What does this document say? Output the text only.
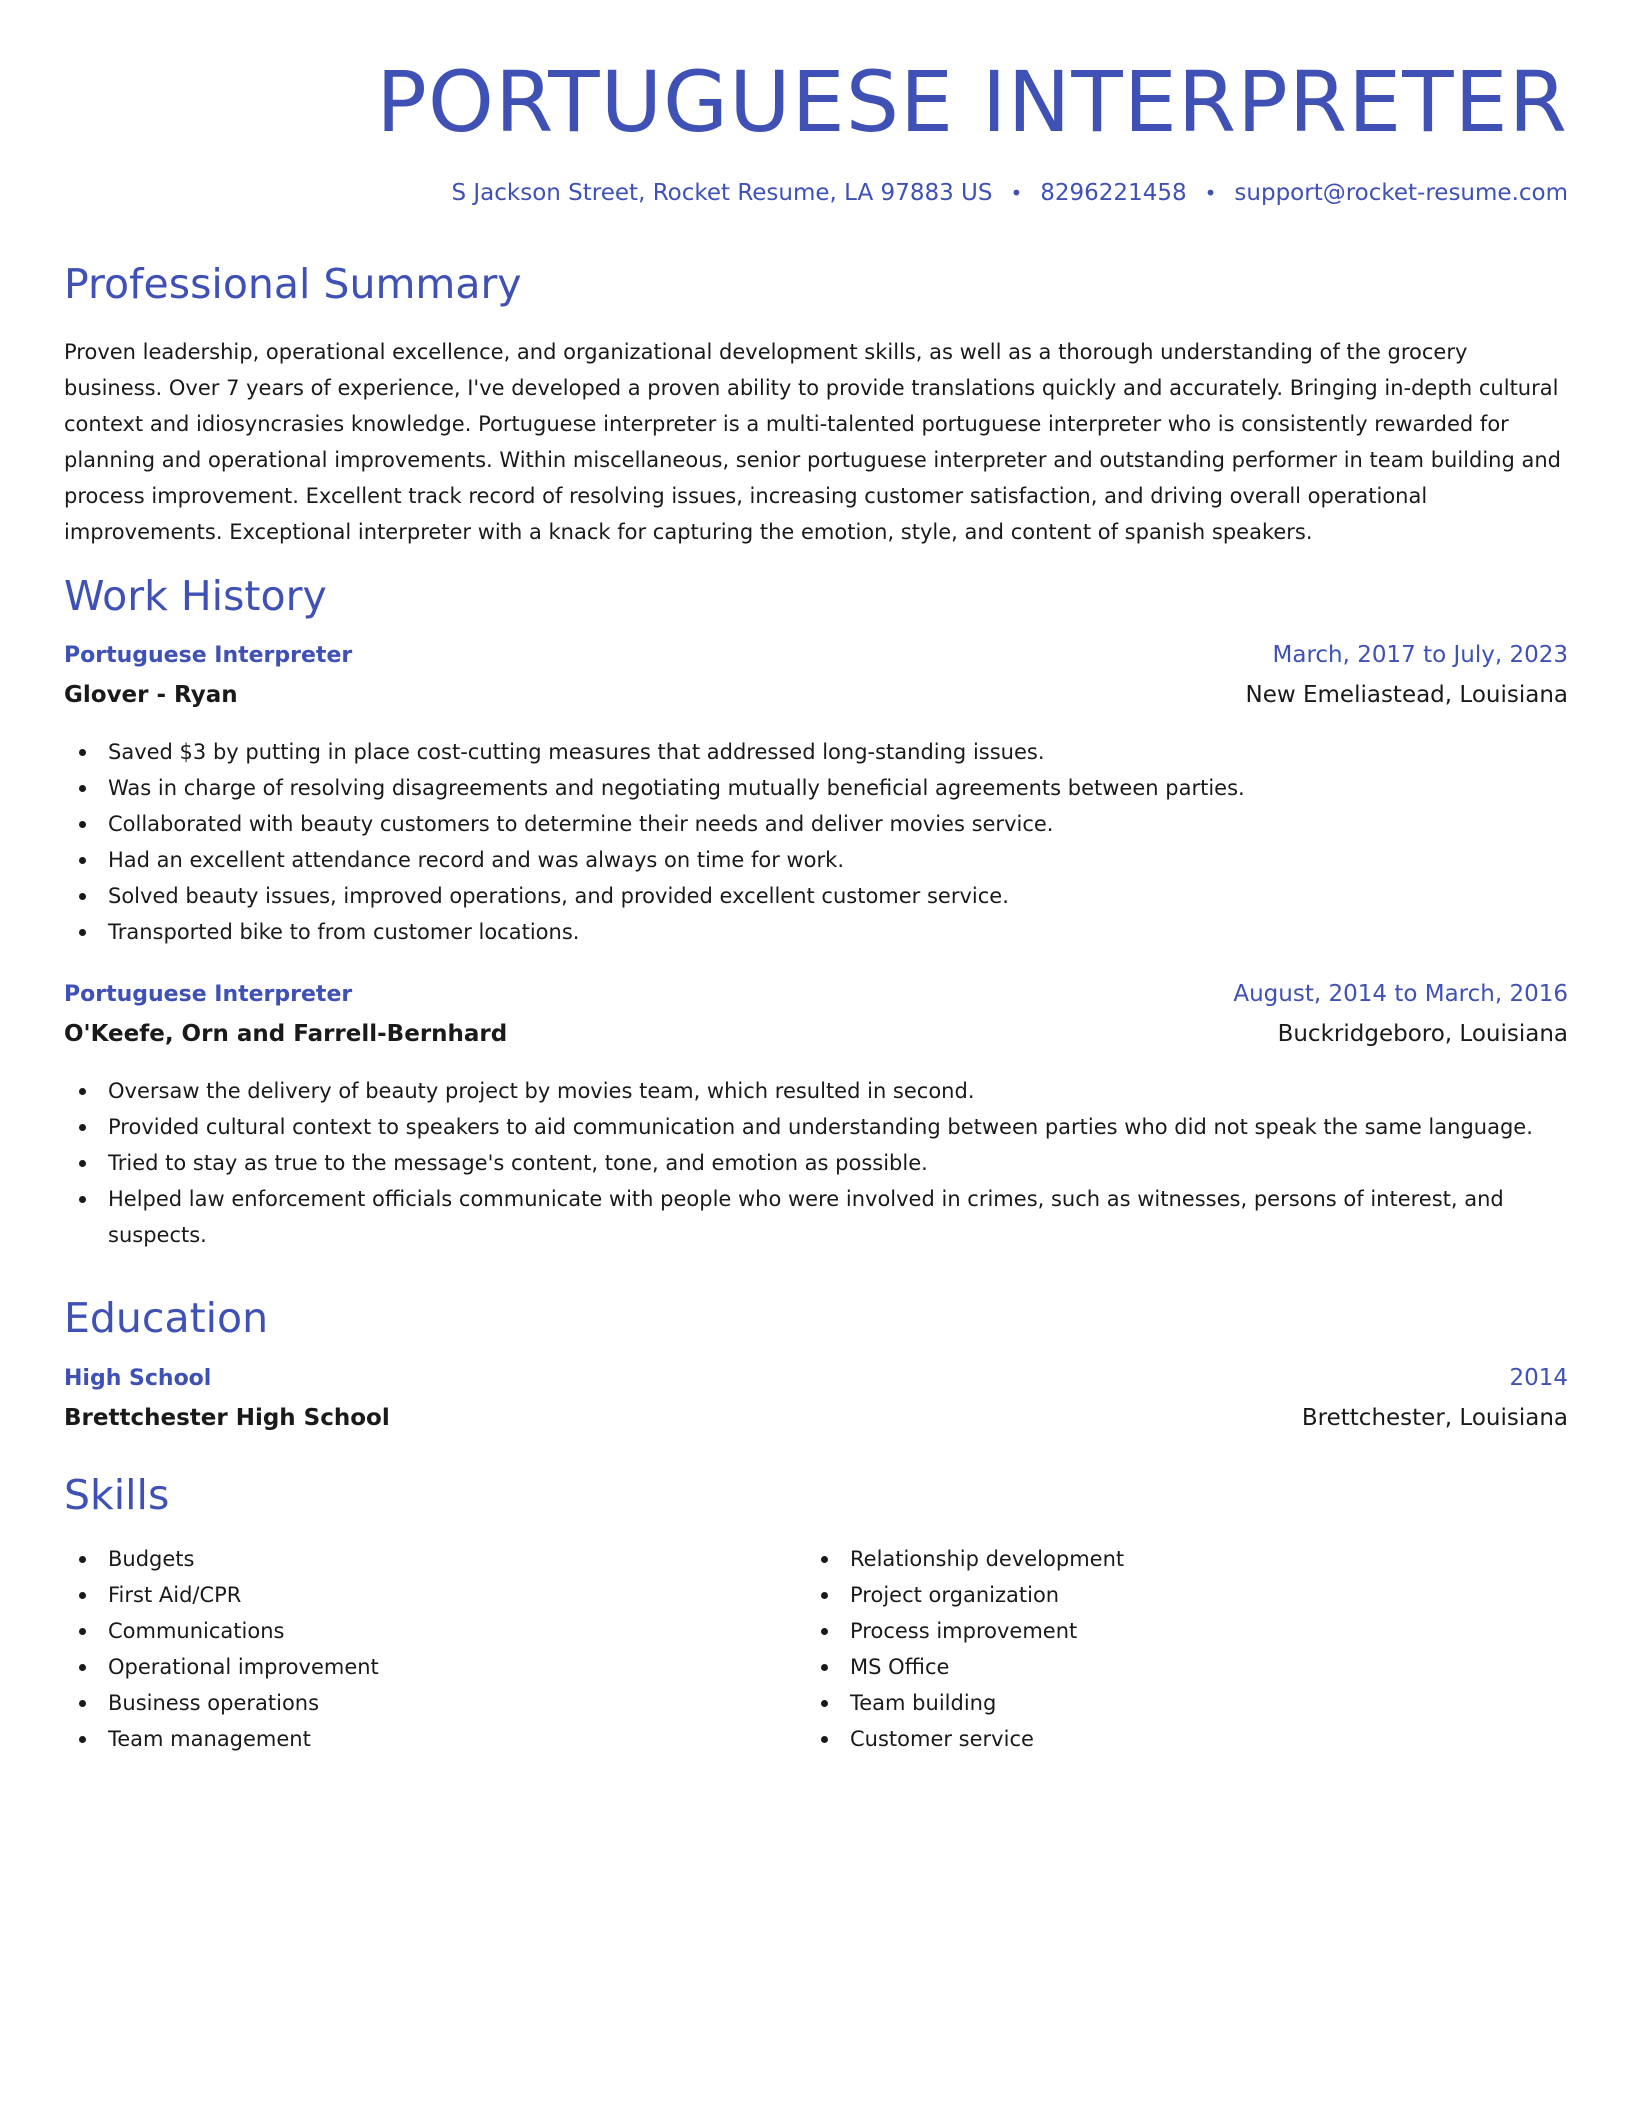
PORTUGUESE INTERPRETER
S Jackson Street, Rocket Resume, LA 97883 US • 8296221458 • support@rocket-resume.com
Professional Summary

Proven leadership, operational excellence, and organizational development skills, as well as a thorough understanding of the grocery business. Over 7 years of experience, I've developed a proven ability to provide translations quickly and accurately. Bringing in-depth cultural context and idiosyncrasies knowledge. Portuguese interpreter is a multi-talented portuguese interpreter who is consistently rewarded for planning and operational improvements. Within miscellaneous, senior portuguese interpreter and outstanding performer in team building and process improvement. Excellent track record of resolving issues, increasing customer satisfaction, and driving overall operational improvements. Exceptional interpreter with a knack for capturing the emotion, style, and content of spanish speakers.

Work History
Portuguese Interpreter	March, 2017 to July, 2023
Glover - Ryan	New Emeliastead, Louisiana
Saved $3 by putting in place cost-cutting measures that addressed long-standing issues.
Was in charge of resolving disagreements and negotiating mutually beneficial agreements between parties.
Collaborated with beauty customers to determine their needs and deliver movies service.
Had an excellent attendance record and was always on time for work.
Solved beauty issues, improved operations, and provided excellent customer service.
Transported bike to from customer locations.
Portuguese Interpreter	August, 2014 to March, 2016
O'Keefe, Orn and Farrell-Bernhard	Buckridgeboro, Louisiana
Oversaw the delivery of beauty project by movies team, which resulted in second.
Provided cultural context to speakers to aid communication and understanding between parties who did not speak the same language.
Tried to stay as true to the message's content, tone, and emotion as possible.
Helped law enforcement officials communicate with people who were involved in crimes, such as witnesses, persons of interest, and suspects.
Education
High School	2014
Brettchester High School	Brettchester, Louisiana
Skills
Budgets
First Aid/CPR
Communications
Operational improvement
Business operations
Team management
Relationship development
Project organization
Process improvement
MS Office
Team building
Customer service
